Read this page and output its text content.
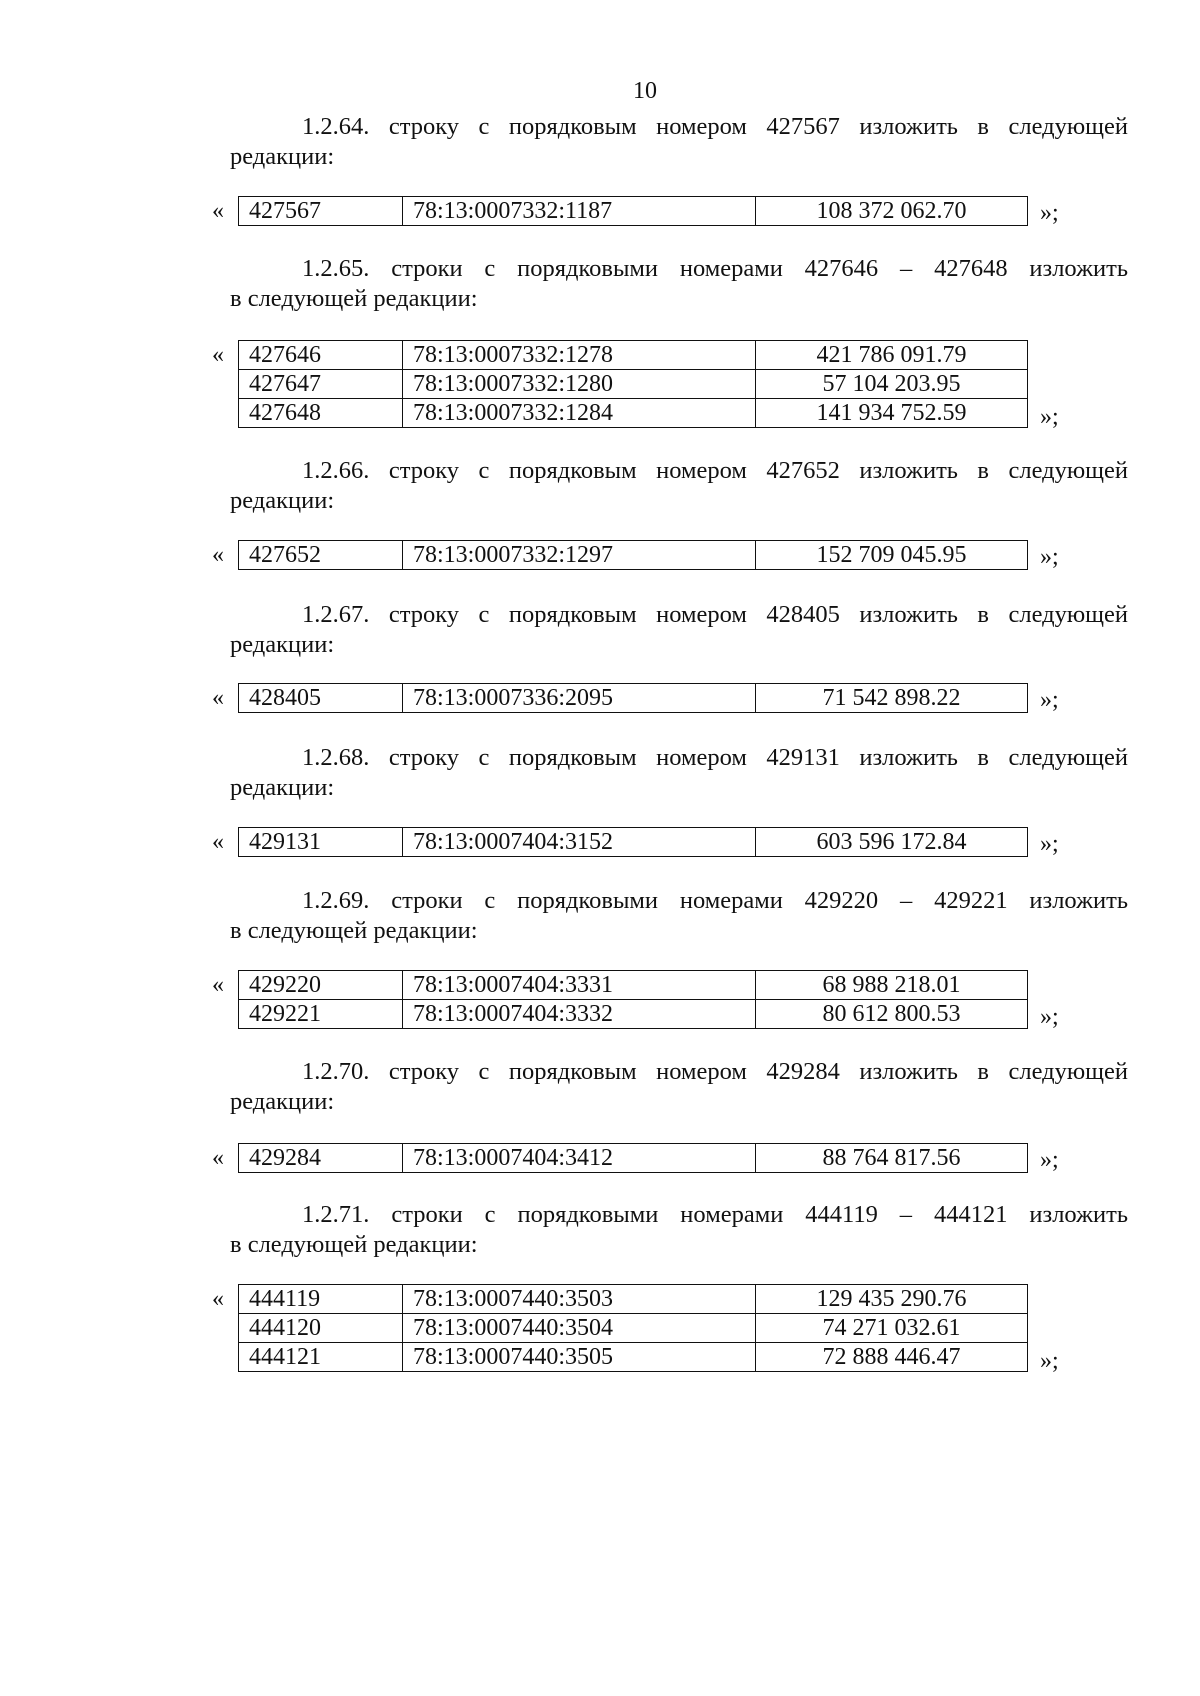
10

1.2.64. строку с порядковым номером 427567 изложить в следующей

редакции:

« 427567	78:13:0007332:1187	108 372 062.70	»;

1.2.65. строки с порядковыми номерами 427646 – 427648 изложить

в следующей редакции:

« 427646	78:13:0007332:1278	421 786 091.79
427647	78:13:0007332:1280	57 104 203.95
427648	78:13:0007332:1284	141 934 752.59	»;

1.2.66. строку с порядковым номером 427652 изложить в следующей

редакции:

« 427652	78:13:0007332:1297	152 709 045.95	»;

1.2.67. строку с порядковым номером 428405 изложить в следующей

редакции:

« 428405	78:13:0007336:2095	71 542 898.22	»;

1.2.68. строку с порядковым номером 429131 изложить в следующей

редакции:

« 429131	78:13:0007404:3152	603 596 172.84	»;

1.2.69. строки с порядковыми номерами 429220 – 429221 изложить

в следующей редакции:

« 429220	78:13:0007404:3331	68 988 218.01
429221	78:13:0007404:3332	80 612 800.53	»;

1.2.70. строку с порядковым номером 429284 изложить в следующей

редакции:

« 429284	78:13:0007404:3412	88 764 817.56	»;

1.2.71. строки с порядковыми номерами 444119 – 444121 изложить

в следующей редакции:

« 444119	78:13:0007440:3503	129 435 290.76
444120	78:13:0007440:3504	74 271 032.61
444121	78:13:0007440:3505	72 888 446.47	»;
